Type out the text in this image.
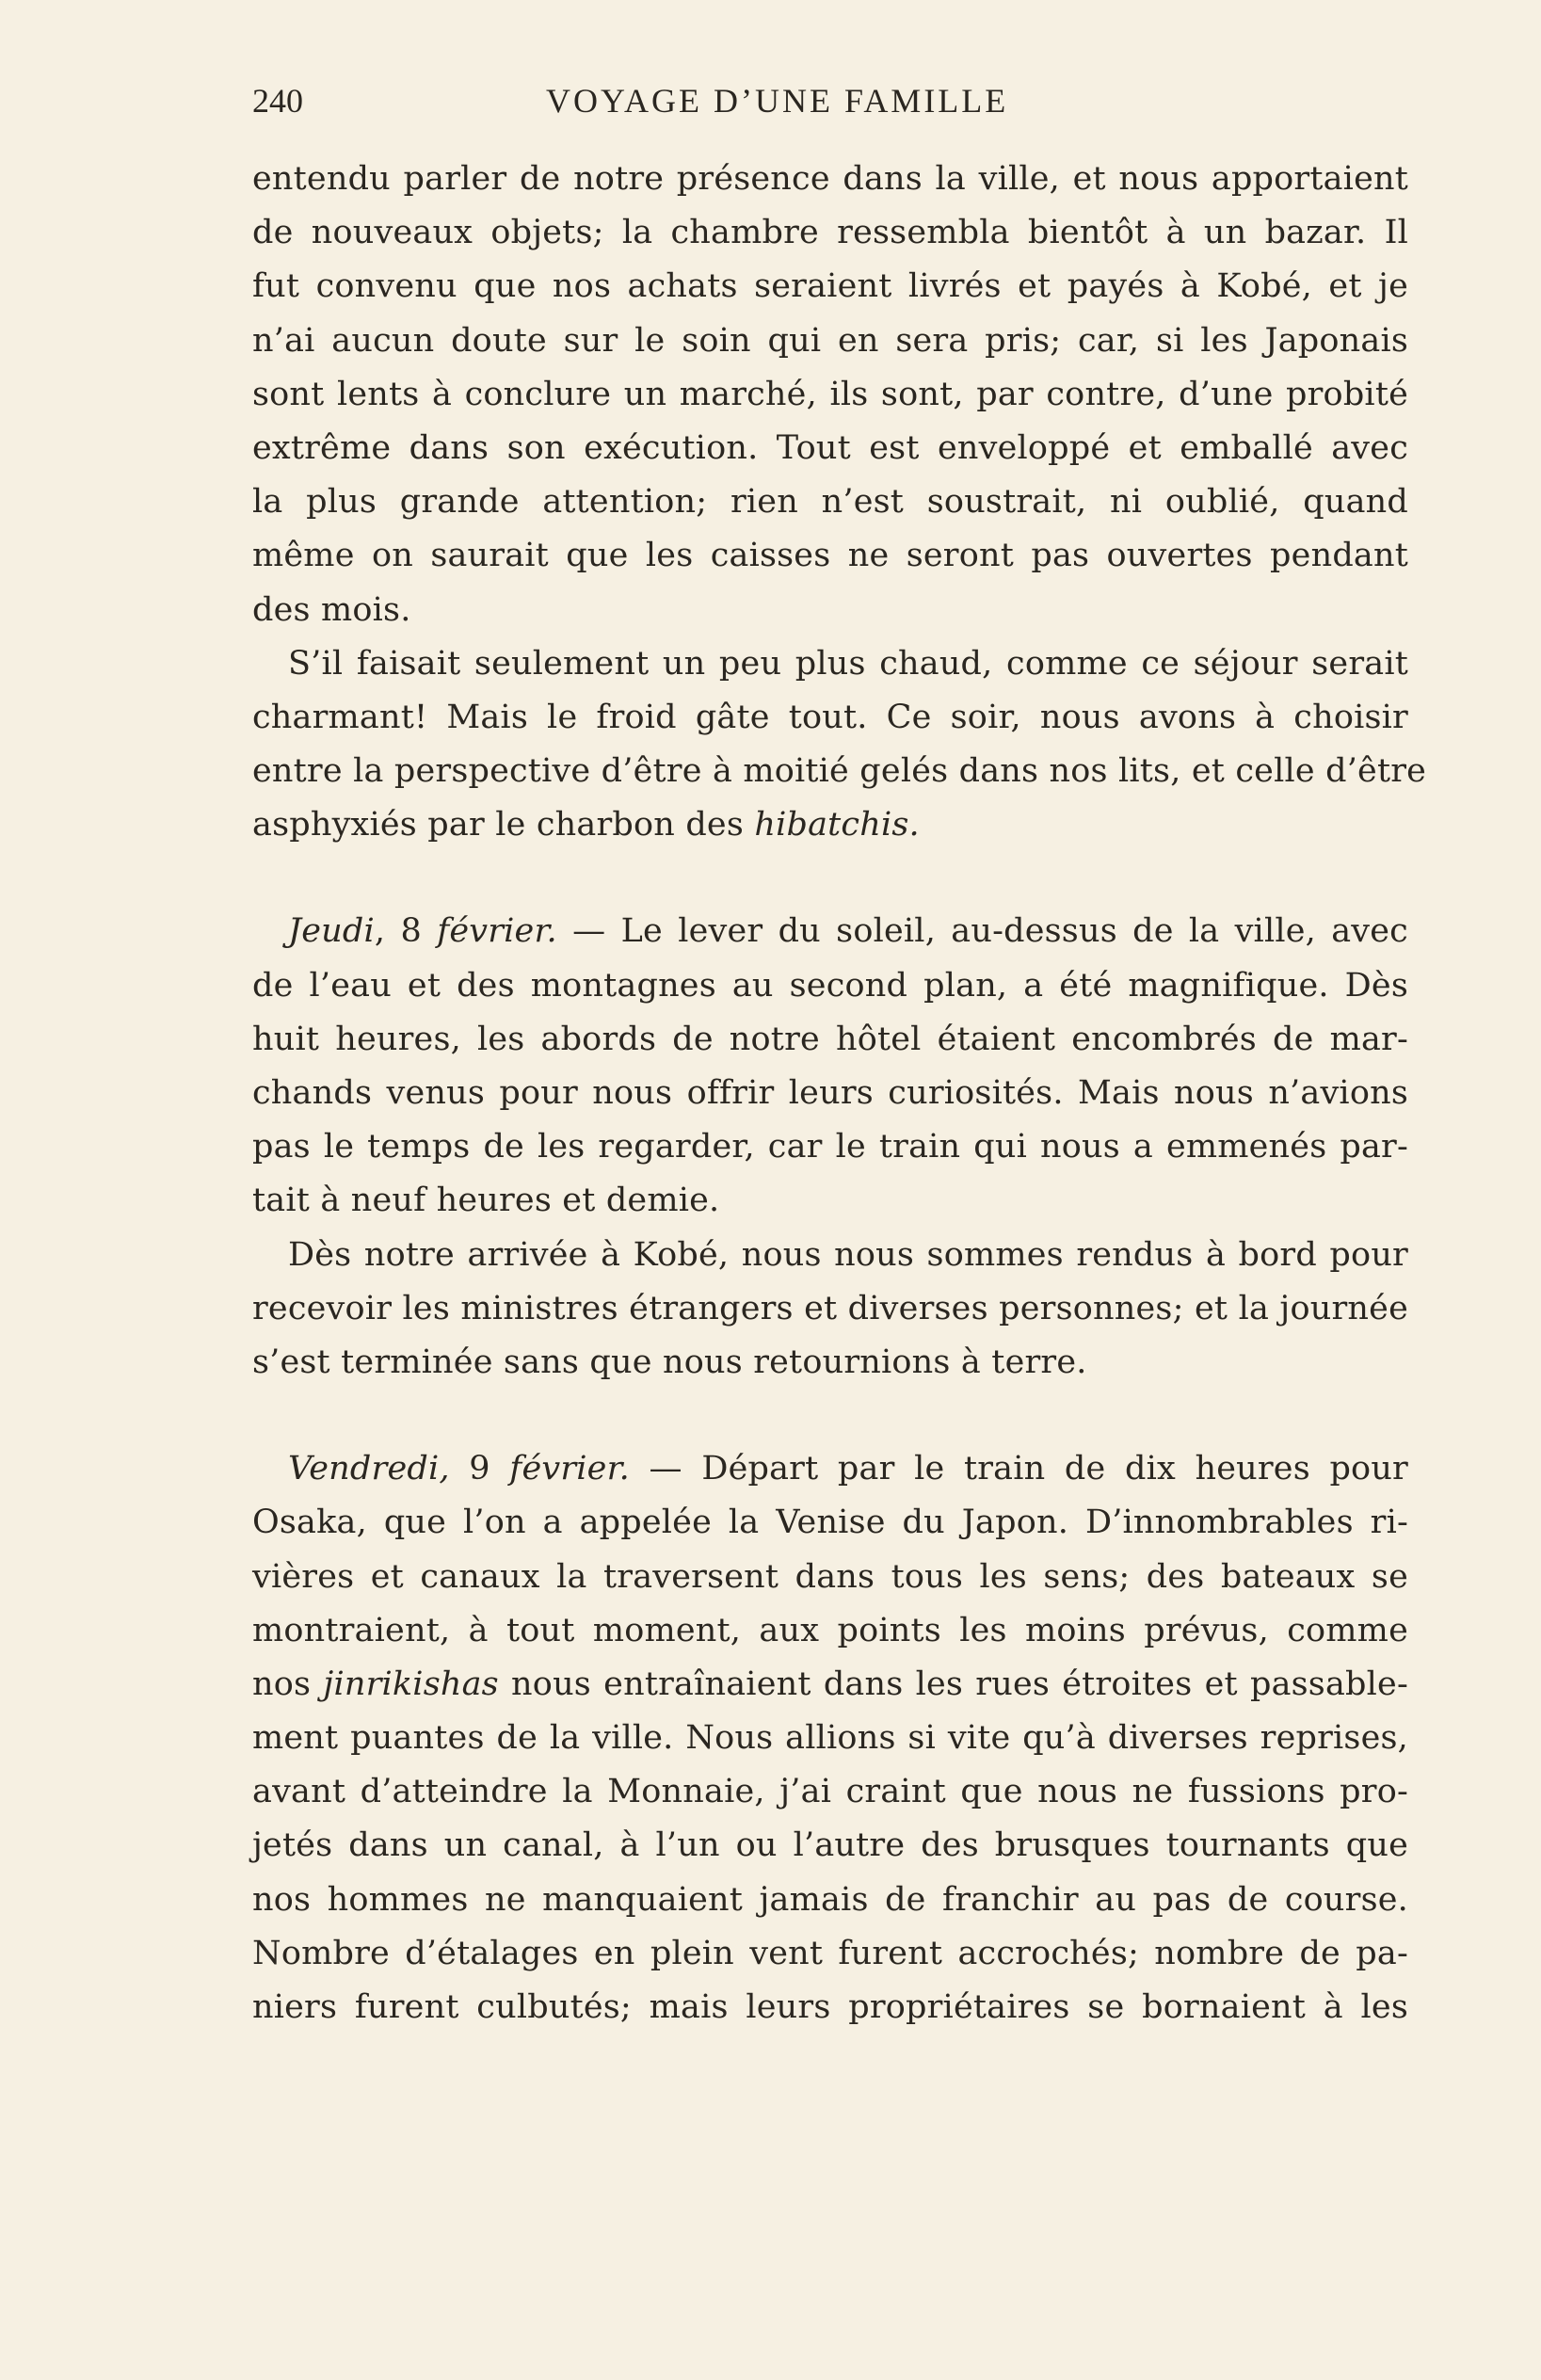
240	VOYAGE D’UNE FAMILLE
entendu parler de notre présence dans la ville, et nous apportaient
de nouveaux objets; la chambre ressembla bientôt à un bazar. Il
fut convenu que nos achats seraient livrés et payés à Kobé, et je
n’ai aucun doute sur le soin qui en sera pris; car, si les Japonais
sont lents à conclure un marché, ils sont, par contre, d’une probité
extrême dans son exécution. Tout est enveloppé et emballé avec
la plus grande attention; rien n’est soustrait, ni oublié, quand
même on saurait que les caisses ne seront pas ouvertes pendant
des mois.
S’il faisait seulement un peu plus chaud, comme ce séjour serait
charmant! Mais le froid gâte tout. Ce soir, nous avons à choisir
entre la perspective d’être à moitié gelés dans nos lits, et celle d’être
asphyxiés par le charbon des hibatchis.
Jeudi, 8 février. — Le lever du soleil, au-dessus de la ville, avec
de l’eau et des montagnes au second plan, a été magnifique. Dès
huit heures, les abords de notre hôtel étaient encombrés de mar-
chands venus pour nous offrir leurs curiosités. Mais nous n’avions
pas le temps de les regarder, car le train qui nous a emmenés par-
tait à neuf heures et demie.
Dès notre arrivée à Kobé, nous nous sommes rendus à bord pour
recevoir les ministres étrangers et diverses personnes; et la journée
s’est terminée sans que nous retournions à terre.
Vendredi, 9 février. — Départ par le train de dix heures pour
Osaka, que l’on a appelée la Venise du Japon. D’innombrables ri-
vières et canaux la traversent dans tous les sens; des bateaux se
montraient, à tout moment, aux points les moins prévus, comme
nos jinrikishas nous entraînaient dans les rues étroites et passable-
ment puantes de la ville. Nous allions si vite qu’à diverses reprises,
avant d’atteindre la Monnaie, j’ai craint que nous ne fussions pro-
jetés dans un canal, à l’un ou l’autre des brusques tournants que
nos hommes ne manquaient jamais de franchir au pas de course.
Nombre d’étalages en plein vent furent accrochés; nombre de pa-
niers furent culbutés; mais leurs propriétaires se bornaient à les
